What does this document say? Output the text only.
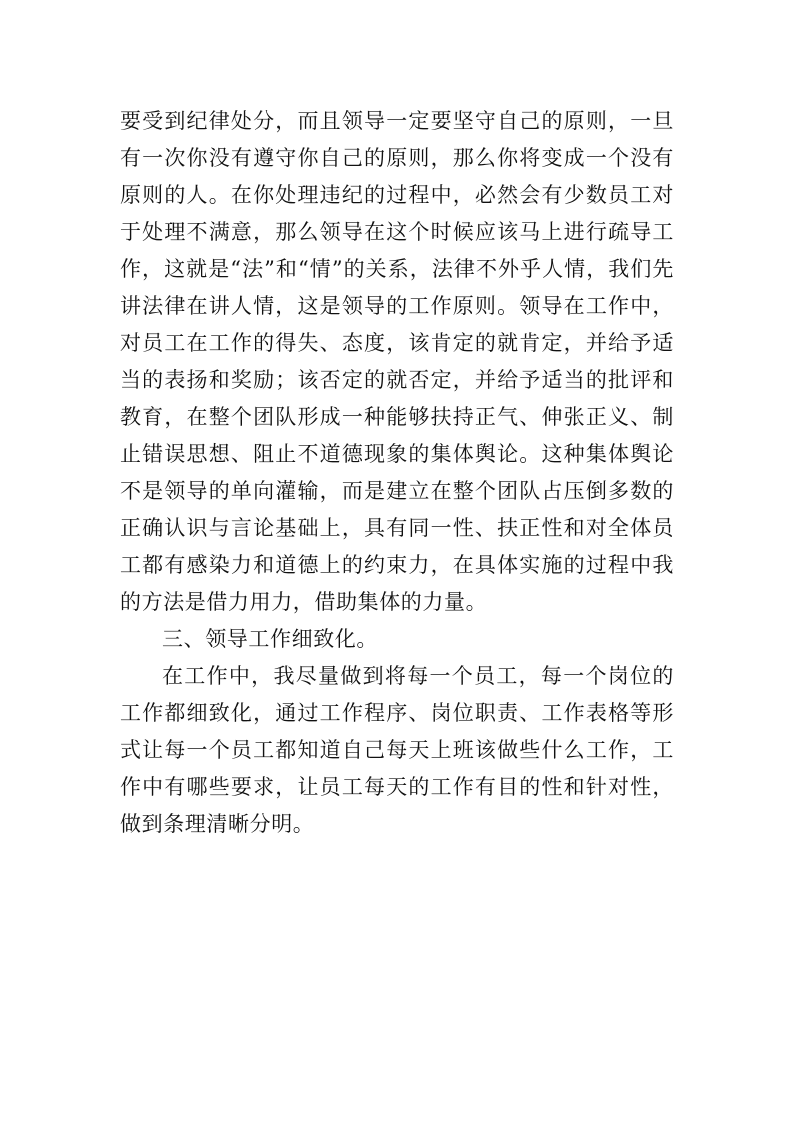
要受到纪律处分，而且领导一定要坚守自己的原则，一旦有一次你没有遵守你自己的原则，那么你将变成一个没有原则的人。在你处理违纪的过程中，必然会有少数员工对于处理不满意，那么领导在这个时候应该马上进行疏导工作，这就是“法”和“情”的关系，法律不外乎人情，我们先讲法律在讲人情，这是领导的工作原则。领导在工作中，对员工在工作的得失、态度，该肯定的就肯定，并给予适当的表扬和奖励；该否定的就否定，并给予适当的批评和教育，在整个团队形成一种能够扶持正气、伸张正义、制止错误思想、阻止不道德现象的集体舆论。这种集体舆论不是领导的单向灌输，而是建立在整个团队占压倒多数的正确认识与言论基础上，具有同一性、扶正性和对全体员工都有感染力和道德上的约束力，在具体实施的过程中我的方法是借力用力，借助集体的力量。

三、领导工作细致化。

在工作中，我尽量做到将每一个员工，每一个岗位的工作都细致化，通过工作程序、岗位职责、工作表格等形式让每一个员工都知道自己每天上班该做些什么工作，工作中有哪些要求，让员工每天的工作有目的性和针对性，做到条理清晰分明。
